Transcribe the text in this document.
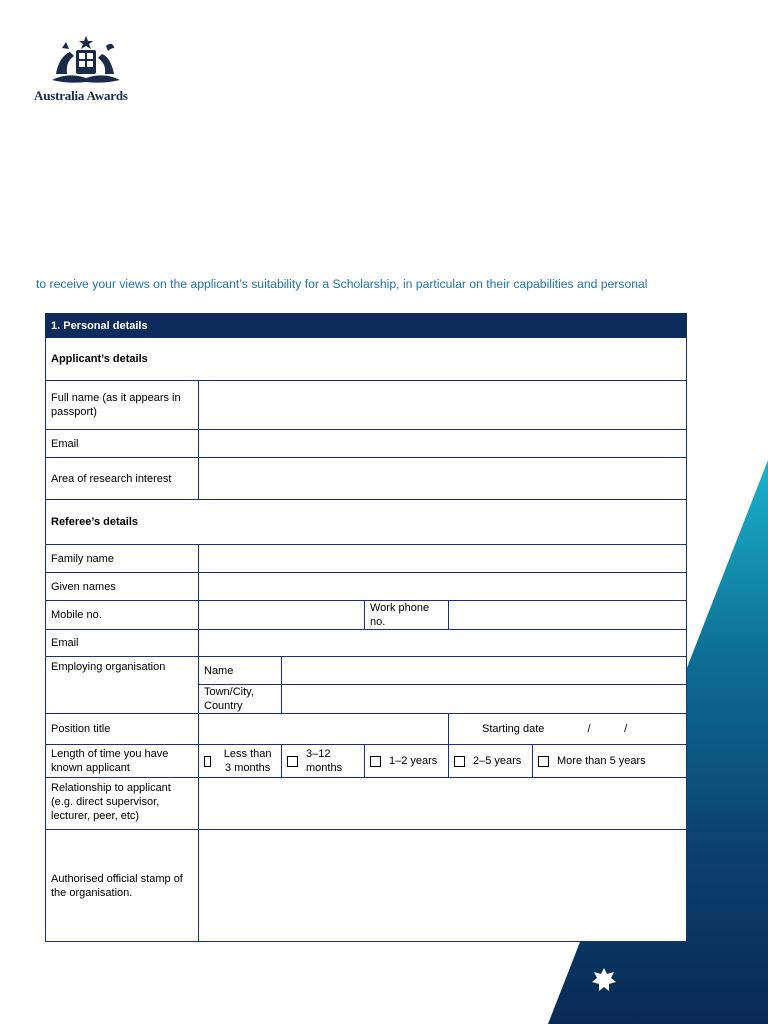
Australia Awards
to receive your views on the applicant’s suitability for a Scholarship, in particular on their capabilities and personal
1. Personal details					
Applicant’s details					
Full name (as it appears in passport)					
Email					
Area of research interest					
Referee’s details					
Family name					
Given names					
Mobile no.			Work phone no.		
Email					
Employing organisation	Name				
	Town/City, Country				
Position title				Starting date /           /	
Length of time you have known applicant	Less than 3 months	3–12 months	1–2 years	2–5 years	More than 5 years

Relationship to applicant (e.g. direct supervisor, lecturer, peer, etc)					
Authorised official stamp of the organisation.					
